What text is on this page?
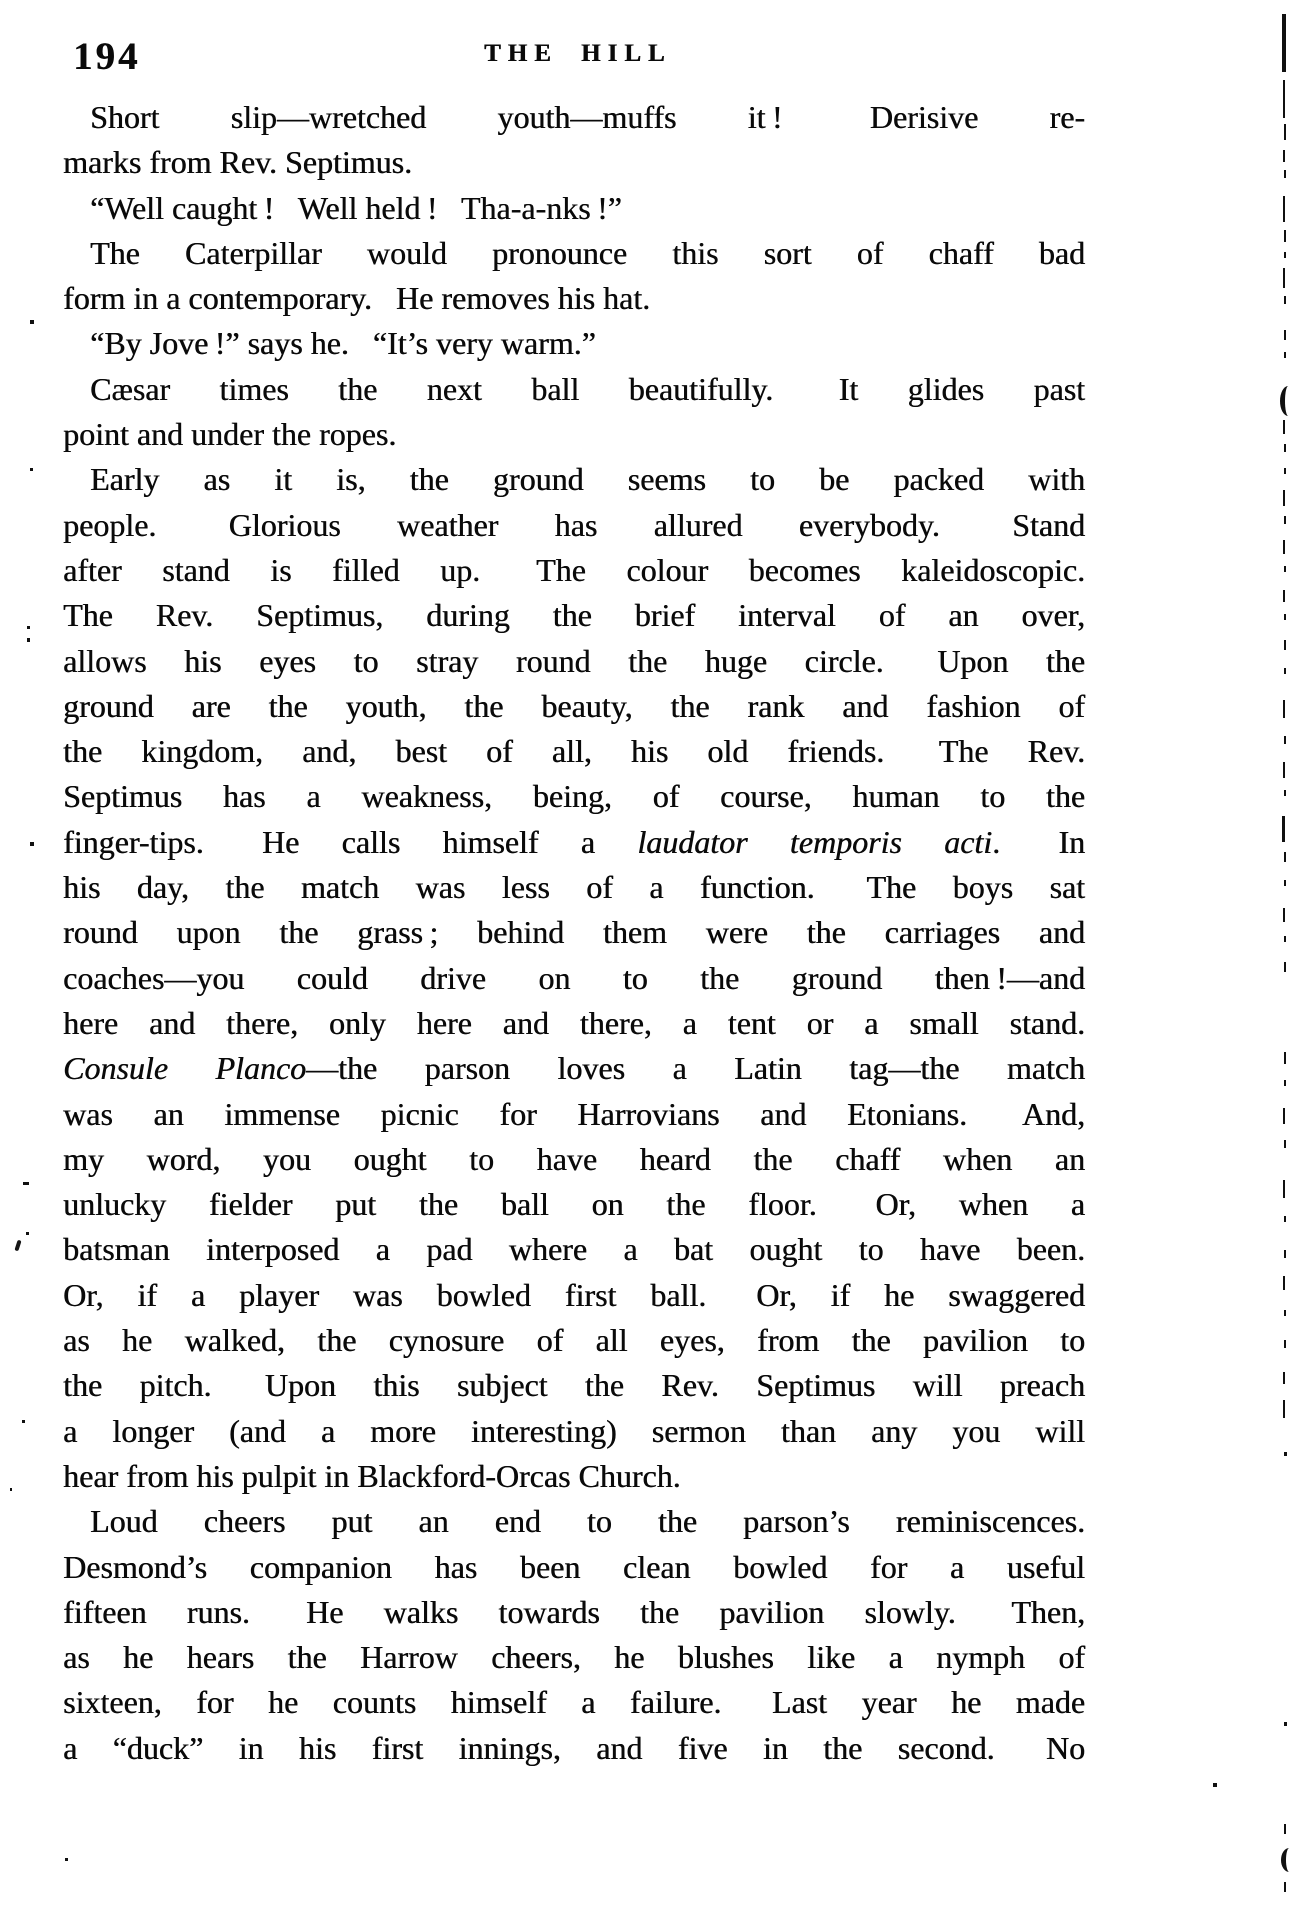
194	THE HILL
Short slip—wretched youth—muffs it !  Derisive re-
marks from Rev. Septimus.
“Well caught !  Well held !  Tha-a-nks !”
The Caterpillar would pronounce this sort of chaff bad
form in a contemporary.  He removes his hat.
“By Jove !” says he.  “It’s very warm.”
Cæsar times the next ball beautifully.  It glides past
point and under the ropes.
Early as it is, the ground seems to be packed with
people.  Glorious weather has allured everybody.  Stand
after stand is filled up.  The colour becomes kaleidoscopic.
The Rev. Septimus, during the brief interval of an over,
allows his eyes to stray round the huge circle.  Upon the
ground are the youth, the beauty, the rank and fashion of
the kingdom, and, best of all, his old friends.  The Rev.
Septimus has a weakness, being, of course, human to the
finger-tips.  He calls himself a laudator temporis acti.  In
his day, the match was less of a function.  The boys sat
round upon the grass ; behind them were the carriages and
coaches—you could drive on to the ground then !—and
here and there, only here and there, a tent or a small stand.
Consule Planco—the parson loves a Latin tag—the match
was an immense picnic for Harrovians and Etonians.  And,
my word, you ought to have heard the chaff when an
unlucky fielder put the ball on the floor.  Or, when a
batsman interposed a pad where a bat ought to have been.
Or, if a player was bowled first ball.  Or, if he swaggered
as he walked, the cynosure of all eyes, from the pavilion to
the pitch.  Upon this subject the Rev. Septimus will preach
a longer (and a more interesting) sermon than any you will
hear from his pulpit in Blackford-Orcas Church.
Loud cheers put an end to the parson’s reminiscences.
Desmond’s companion has been clean bowled for a useful
fifteen runs.  He walks towards the pavilion slowly.  Then,
as he hears the Harrow cheers, he blushes like a nymph of
sixteen, for he counts himself a failure.  Last year he made
a “duck” in his first innings, and five in the second.  No
